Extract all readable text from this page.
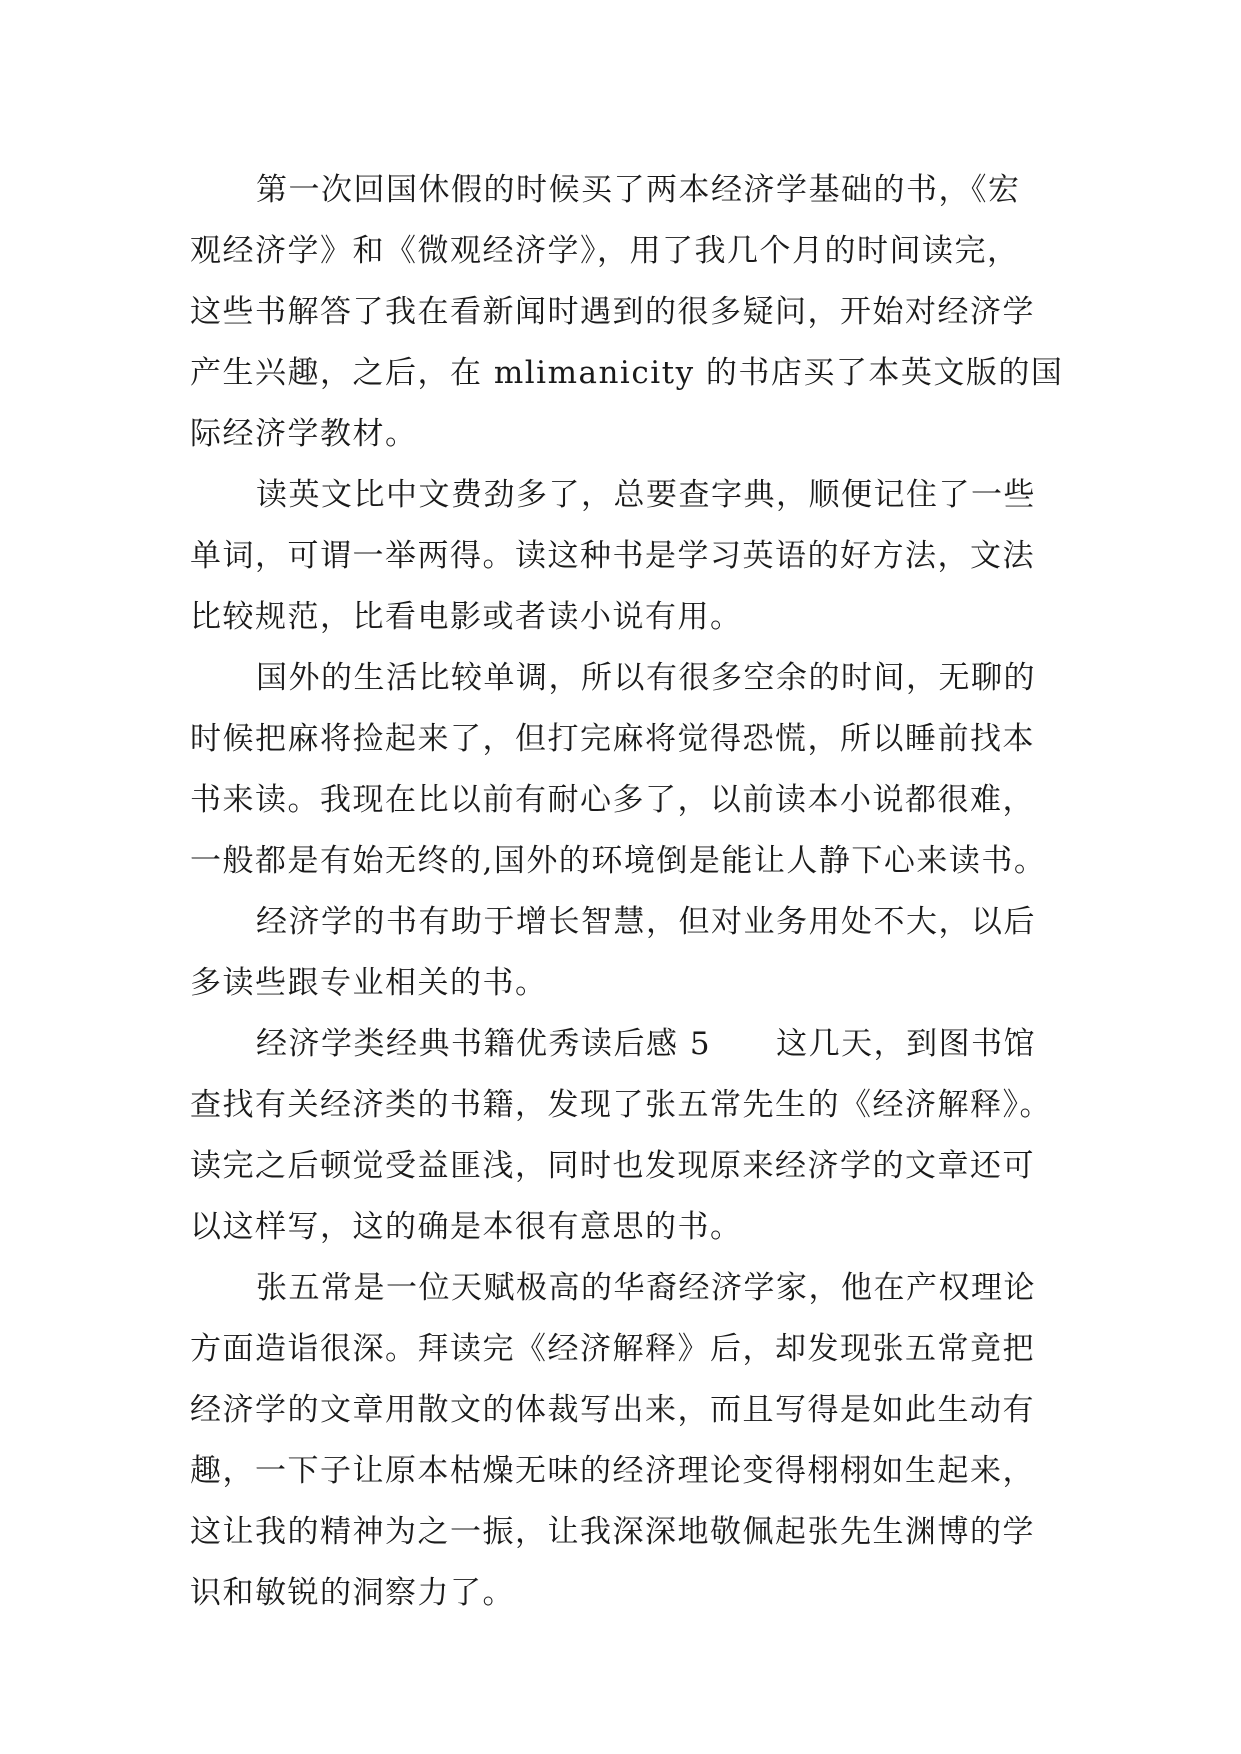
第一次回国休假的时候买了两本经济学基础的书，《宏
观经济学》和《微观经济学》，用了我几个月的时间读完，
这些书解答了我在看新闻时遇到的很多疑问，开始对经济学
产生兴趣，之后，在 mlimanicity 的书店买了本英文版的国
际经济学教材。
读英文比中文费劲多了，总要查字典，顺便记住了一些
单词，可谓一举两得。读这种书是学习英语的好方法，文法
比较规范，比看电影或者读小说有用。
国外的生活比较单调，所以有很多空余的时间，无聊的
时候把麻将捡起来了，但打完麻将觉得恐慌，所以睡前找本
书来读。我现在比以前有耐心多了，以前读本小说都很难，
一般都是有始无终的,国外的环境倒是能让人静下心来读书。
经济学的书有助于增长智慧，但对业务用处不大，以后
多读些跟专业相关的书。
经济学类经典书籍优秀读后感 5　　这几天，到图书馆
查找有关经济类的书籍，发现了张五常先生的《经济解释》。
读完之后顿觉受益匪浅，同时也发现原来经济学的文章还可
以这样写，这的确是本很有意思的书。
张五常是一位天赋极高的华裔经济学家，他在产权理论
方面造诣很深。拜读完《经济解释》后，却发现张五常竟把
经济学的文章用散文的体裁写出来，而且写得是如此生动有
趣，一下子让原本枯燥无味的经济理论变得栩栩如生起来，
这让我的精神为之一振，让我深深地敬佩起张先生渊博的学
识和敏锐的洞察力了。
